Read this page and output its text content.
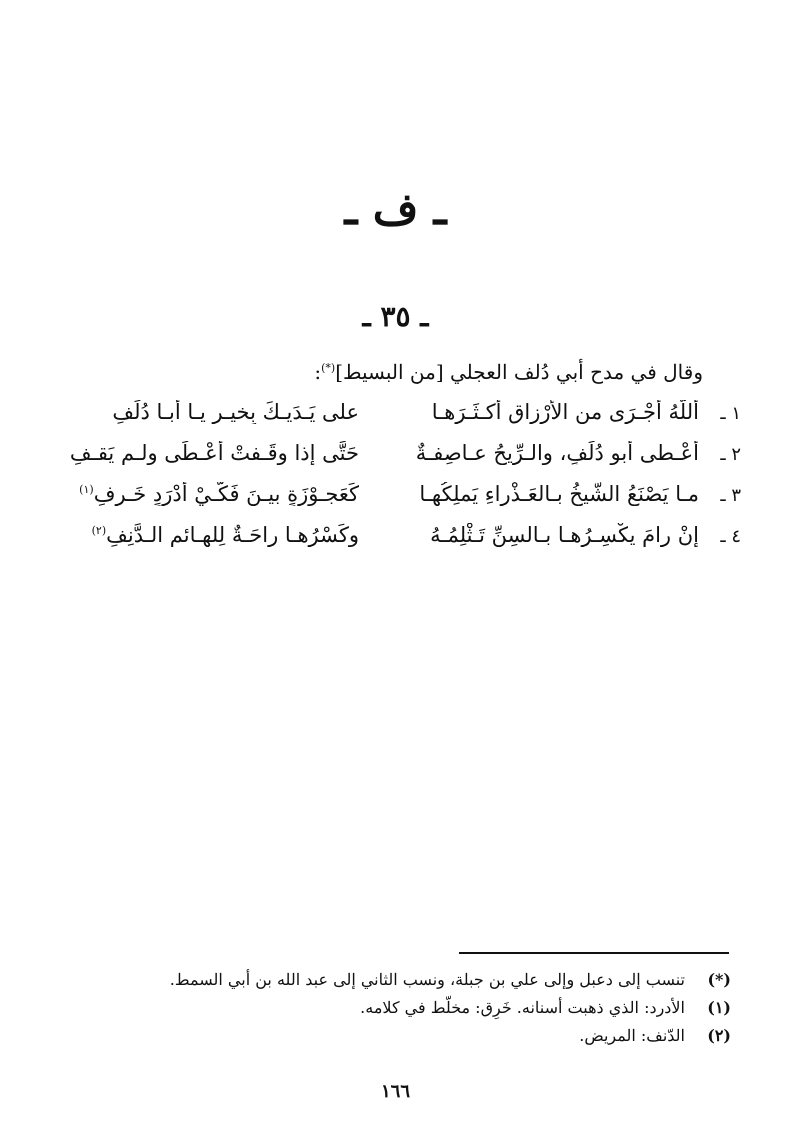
ـ ف ـ
ـ ٣٥ ـ
وقال في مدح أبي دُلف العجلي [من البسيط](*):
١ ـ
أللّهُ أجْـرَى من الأَرْزاقِ أكـثَـرَهـا
على يَـدَيـكَ بِخيـرٍ يـا أبـا دُلَفِ
٢ ـ
أعْـطى أبو دُلَفٍ، والـرِّيحُ عـاصِفـةٌ
حَتَّى إذا وقَـفتْ أعْـطَى ولـم يَقـفِ
٣ ـ
مـا يَصْنَعُ الشَّيخُ بـالعَـذْراءِ يَملِكُهـا
كَعَجـوْزَةٍ بيـنَ فَكَّـيْ أدْرَدٍ خَـرِفِ$^{(١)}$
٤ ـ
إنْ رامَ يكْسِـرُهـا بـالسِنِّ تَـثْلِمُـهُ
وكَسْرُهـا راحَـةٌ لِلهـائمِ الـدَّنِفِ$^{(٢)}$
(*)
تنسب إلى دعبل وإلى علي بن جبلة، ونسب الثاني إلى عبد الله بن أبي السمط.
(١)
الأدرد: الذي ذهبت أسنانه. خَرِق: مخلّط في كلامه.
(٢)
الدّنف: المريض.
١٦٦
